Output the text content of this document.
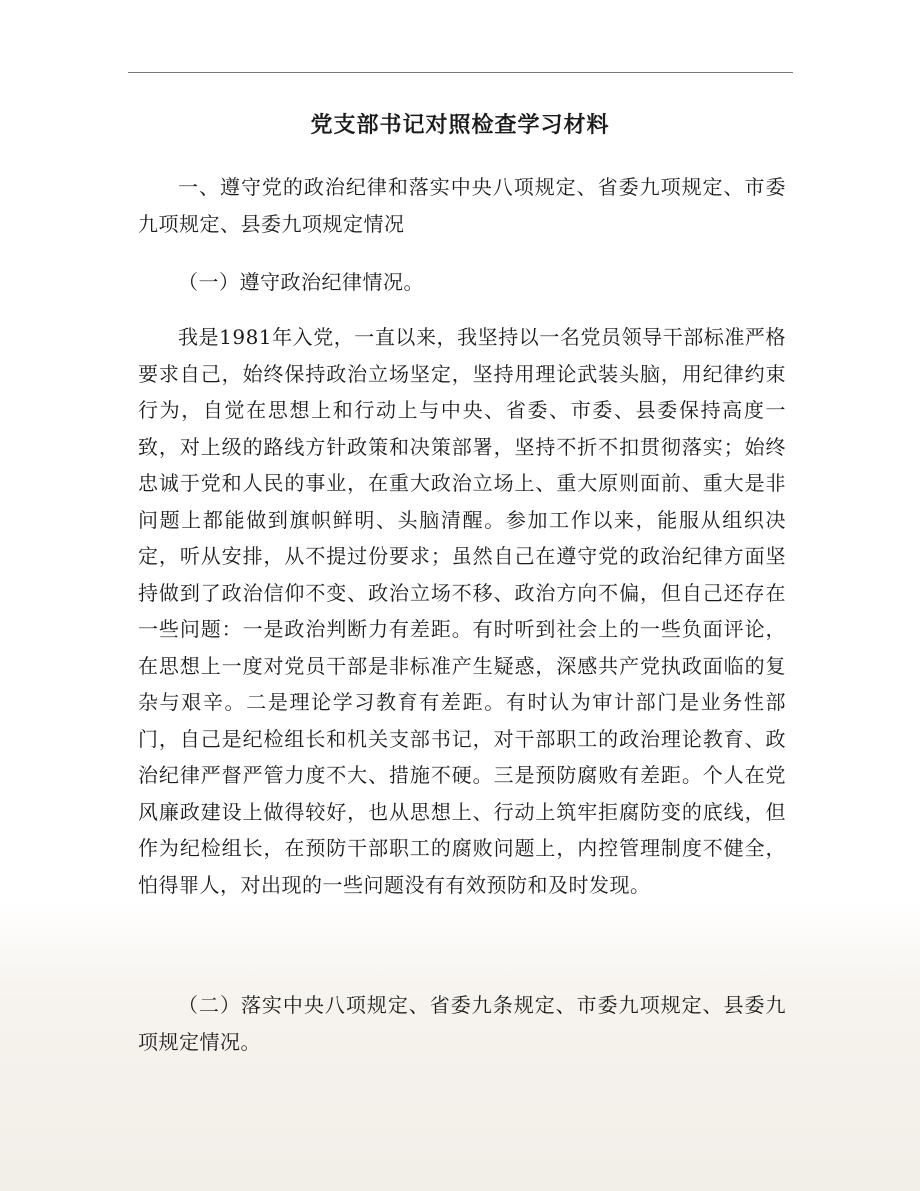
党支部书记对照检查学习材料

一、遵守党的政治纪律和落实中央八项规定、省委九项规定、市委九项规定、县委九项规定情况

（一）遵守政治纪律情况。

我是1981年入党，一直以来，我坚持以一名党员领导干部标准严格要求自己，始终保持政治立场坚定，坚持用理论武装头脑，用纪律约束行为，自觉在思想上和行动上与中央、省委、市委、县委保持高度一致，对上级的路线方针政策和决策部署，坚持不折不扣贯彻落实；始终忠诚于党和人民的事业，在重大政治立场上、重大原则面前、重大是非问题上都能做到旗帜鲜明、头脑清醒。参加工作以来，能服从组织决定，听从安排，从不提过份要求；虽然自己在遵守党的政治纪律方面坚持做到了政治信仰不变、政治立场不移、政治方向不偏，但自己还存在一些问题：一是政治判断力有差距。有时听到社会上的一些负面评论，在思想上一度对党员干部是非标准产生疑惑，深感共产党执政面临的复杂与艰辛。二是理论学习教育有差距。有时认为审计部门是业务性部门，自己是纪检组长和机关支部书记，对干部职工的政治理论教育、政治纪律严督严管力度不大、措施不硬。三是预防腐败有差距。个人在党风廉政建设上做得较好，也从思想上、行动上筑牢拒腐防变的底线，但作为纪检组长，在预防干部职工的腐败问题上，内控管理制度不健全，怕得罪人，对出现的一些问题没有有效预防和及时发现。

（二）落实中央八项规定、省委九条规定、市委九项规定、县委九项规定情况。
